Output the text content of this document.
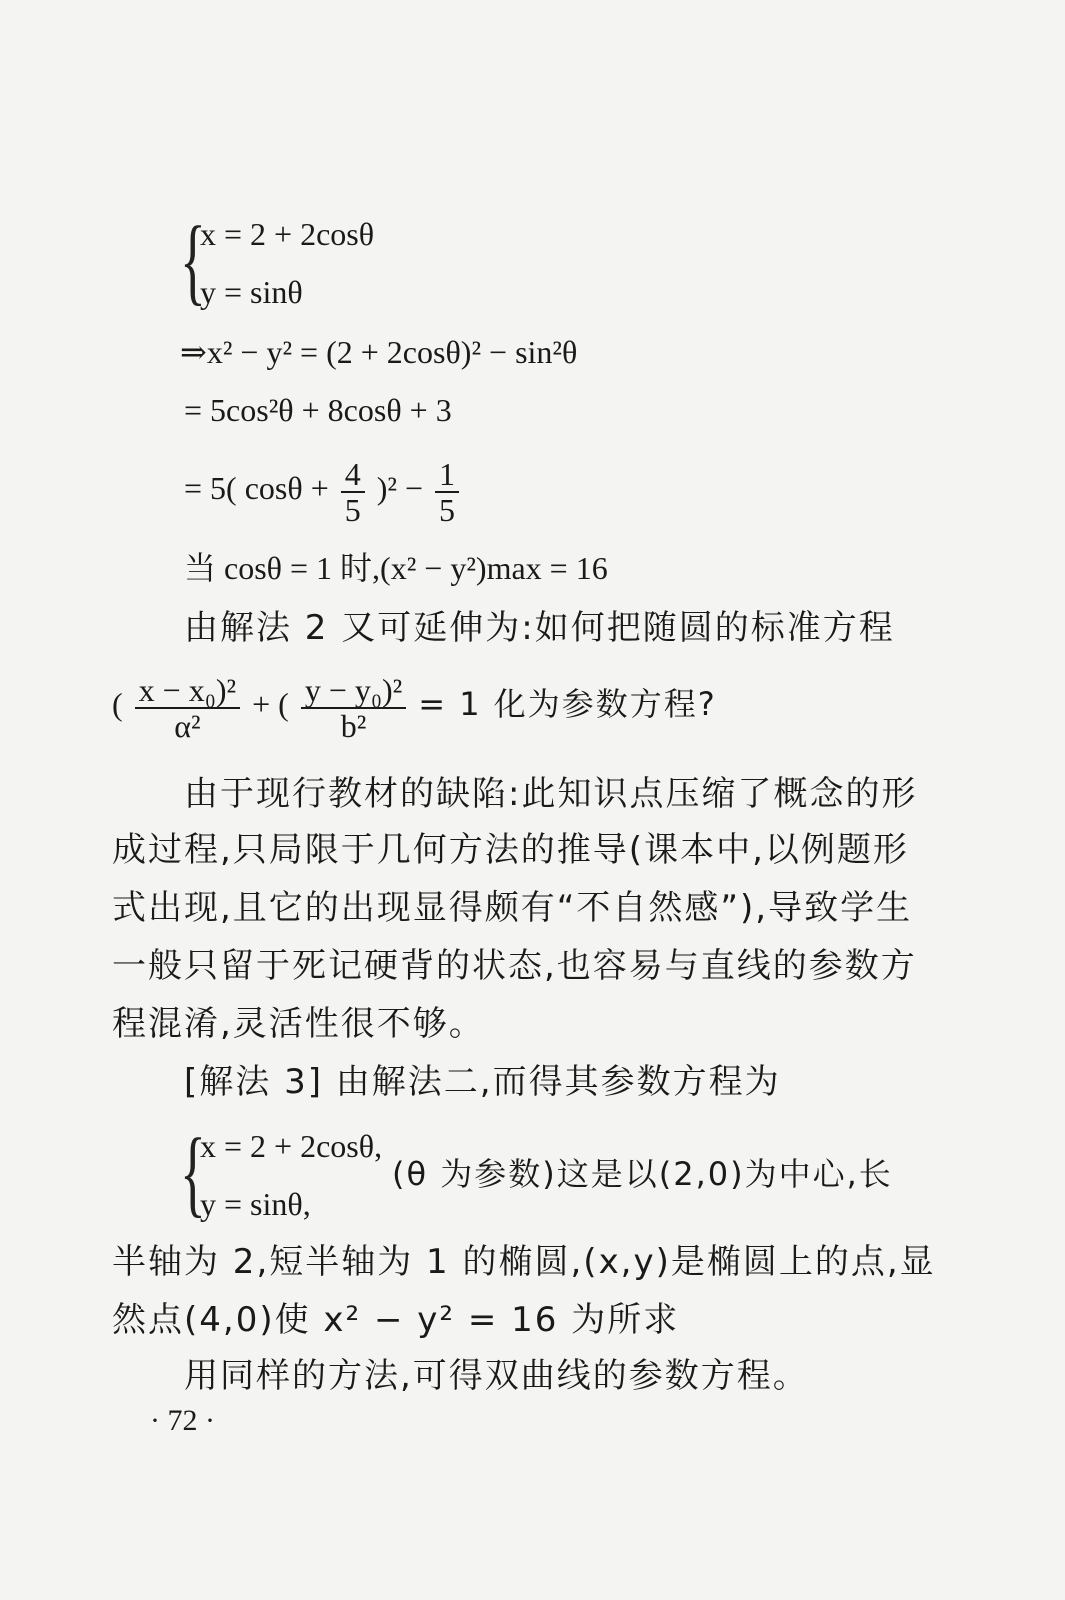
{
x = 2 + 2cosθ
y = sinθ
⇒x² − y² = (2 + 2cosθ)² − sin²θ
= 5cos²θ + 8cosθ + 3
= 5( $\cos\theta + \frac{4}{5} )^2 - \frac{1}{5}$
当 cosθ = 1 时,(x² − y²)max = 16
由解法 2 又可延伸为:如何把随圆的标准方程
( $\frac{\text{x − x₀)²}}{\text{α²}}$ + ( $\frac{\text{y − y₀)²}}{\text{b²}} = 1$ 化为参数方程?
由于现行教材的缺陷:此知识点压缩了概念的形
成过程,只局限于几何方法的推导(课本中,以例题形
式出现,且它的出现显得颇有“不自然感”),导致学生
一般只留于死记硬背的状态,也容易与直线的参数方
程混淆,灵活性很不够。
[解法 3] 由解法二,而得其参数方程为
{
x = 2 + 2cosθ,
y = sinθ,
(θ 为参数)这是以(2,0)为中心,长
半轴为 2,短半轴为 1 的椭圆,(x,y)是椭圆上的点,显
然点(4,0)使 x² − y² = 16 为所求
用同样的方法,可得双曲线的参数方程。
· 72 ·
